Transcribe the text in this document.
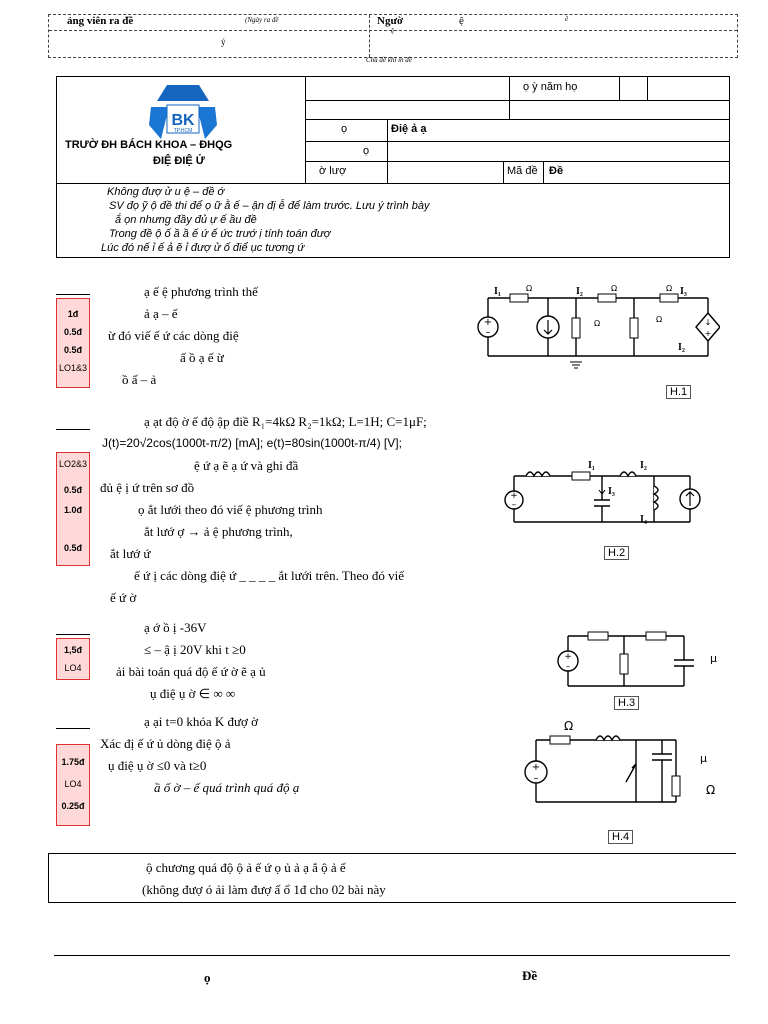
ảng viên ra đề	(Ngày ra đề
ý
Ngườ	ệ	ề
ệ
Chú đề khi in đề
BK
TP.HCM
TRƯỜ ĐH BÁCH KHOA – ĐHQG
ĐIỆ ĐIỆ Ử
ọ ỳ năm họ
ọ	Điệ ả ạ
ọ
ờ lượ	Mã đề Đề
Không đượ ử u ệ – đề ớ
SV đọ ỹ ộ đề thi để ọ ữ ằ ế – ận đị ễ để làm trước. Lưu ý trình bày
ắ ọn nhưng đầy đủ ự ế ầu đề
Trong đề ộ ố ầ ầ ế ứ ế ức trướ ị tính toán đượ
Lúc đó nế ỉ ế ả ẽ ỉ đượ ử ố điể ục tương ứ
1đ
0.5đ
0.5đ
LO1&3
ạ ế ệ phương trình thế
ả ạ – ế
ừ đó viế ế ứ các dòng điệ
ấ ồ ạ ế ừ
ồ ấ – ả
+
–
↓
+
I₁	I₂	I₃
I₂
Ω	Ω	Ω
Ω	Ω
H.1
LO2&3
0.5đ
1.0đ
0.5đ
ạ ạt độ ờ ế độ ập điề R₁=4kΩ R₂=1kΩ; L=1H; C=1μF;
J(t)=20√2cos(1000t-π/2) [mA]; e(t)=80sin(1000t-π/4) [V];
ệ ứ ạ ẽ ạ ứ và ghi đầ
đủ ệ ị ứ trên sơ đồ
ọ ắt lưới theo đó viế ệ phương trình
ắt lướ ợ → ả ệ phương trình,
ắt lướ ứ
ế ứ ị các dòng điệ ứ _ _ _ _ ắt lưới trên. Theo đó viế
ế ứ ờ
+
–
I₁	I₂
I₃
I₄
H.2
1,5đ
LO4
ạ ớ ồ ị -36V
≤ – ậ ị 20V khi t ≥0
ải bài toán quá độ ế ứ ờ ẽ ạ ủ
ụ điệ ụ ờ ∈ ∞ ∞
+
–
μ
H.3
1.75đ
LO4
0.25đ
ạ ại t=0 khóa K đượ ờ
Xác đị ế ứ ủ dòng điệ ộ ả
ụ điệ ụ ờ ≤0 và t≥0
ầ ố ờ – ế quá trình quá độ ạ
+
–
Ω
μ
Ω
H.4
ộ chương quá độ ộ ả ế ứ ọ ủ ả ạ ắ ộ ả ế
(không đượ ó ải làm đượ ấ ổ 1đ cho 02 bài này
ọ	Đề
